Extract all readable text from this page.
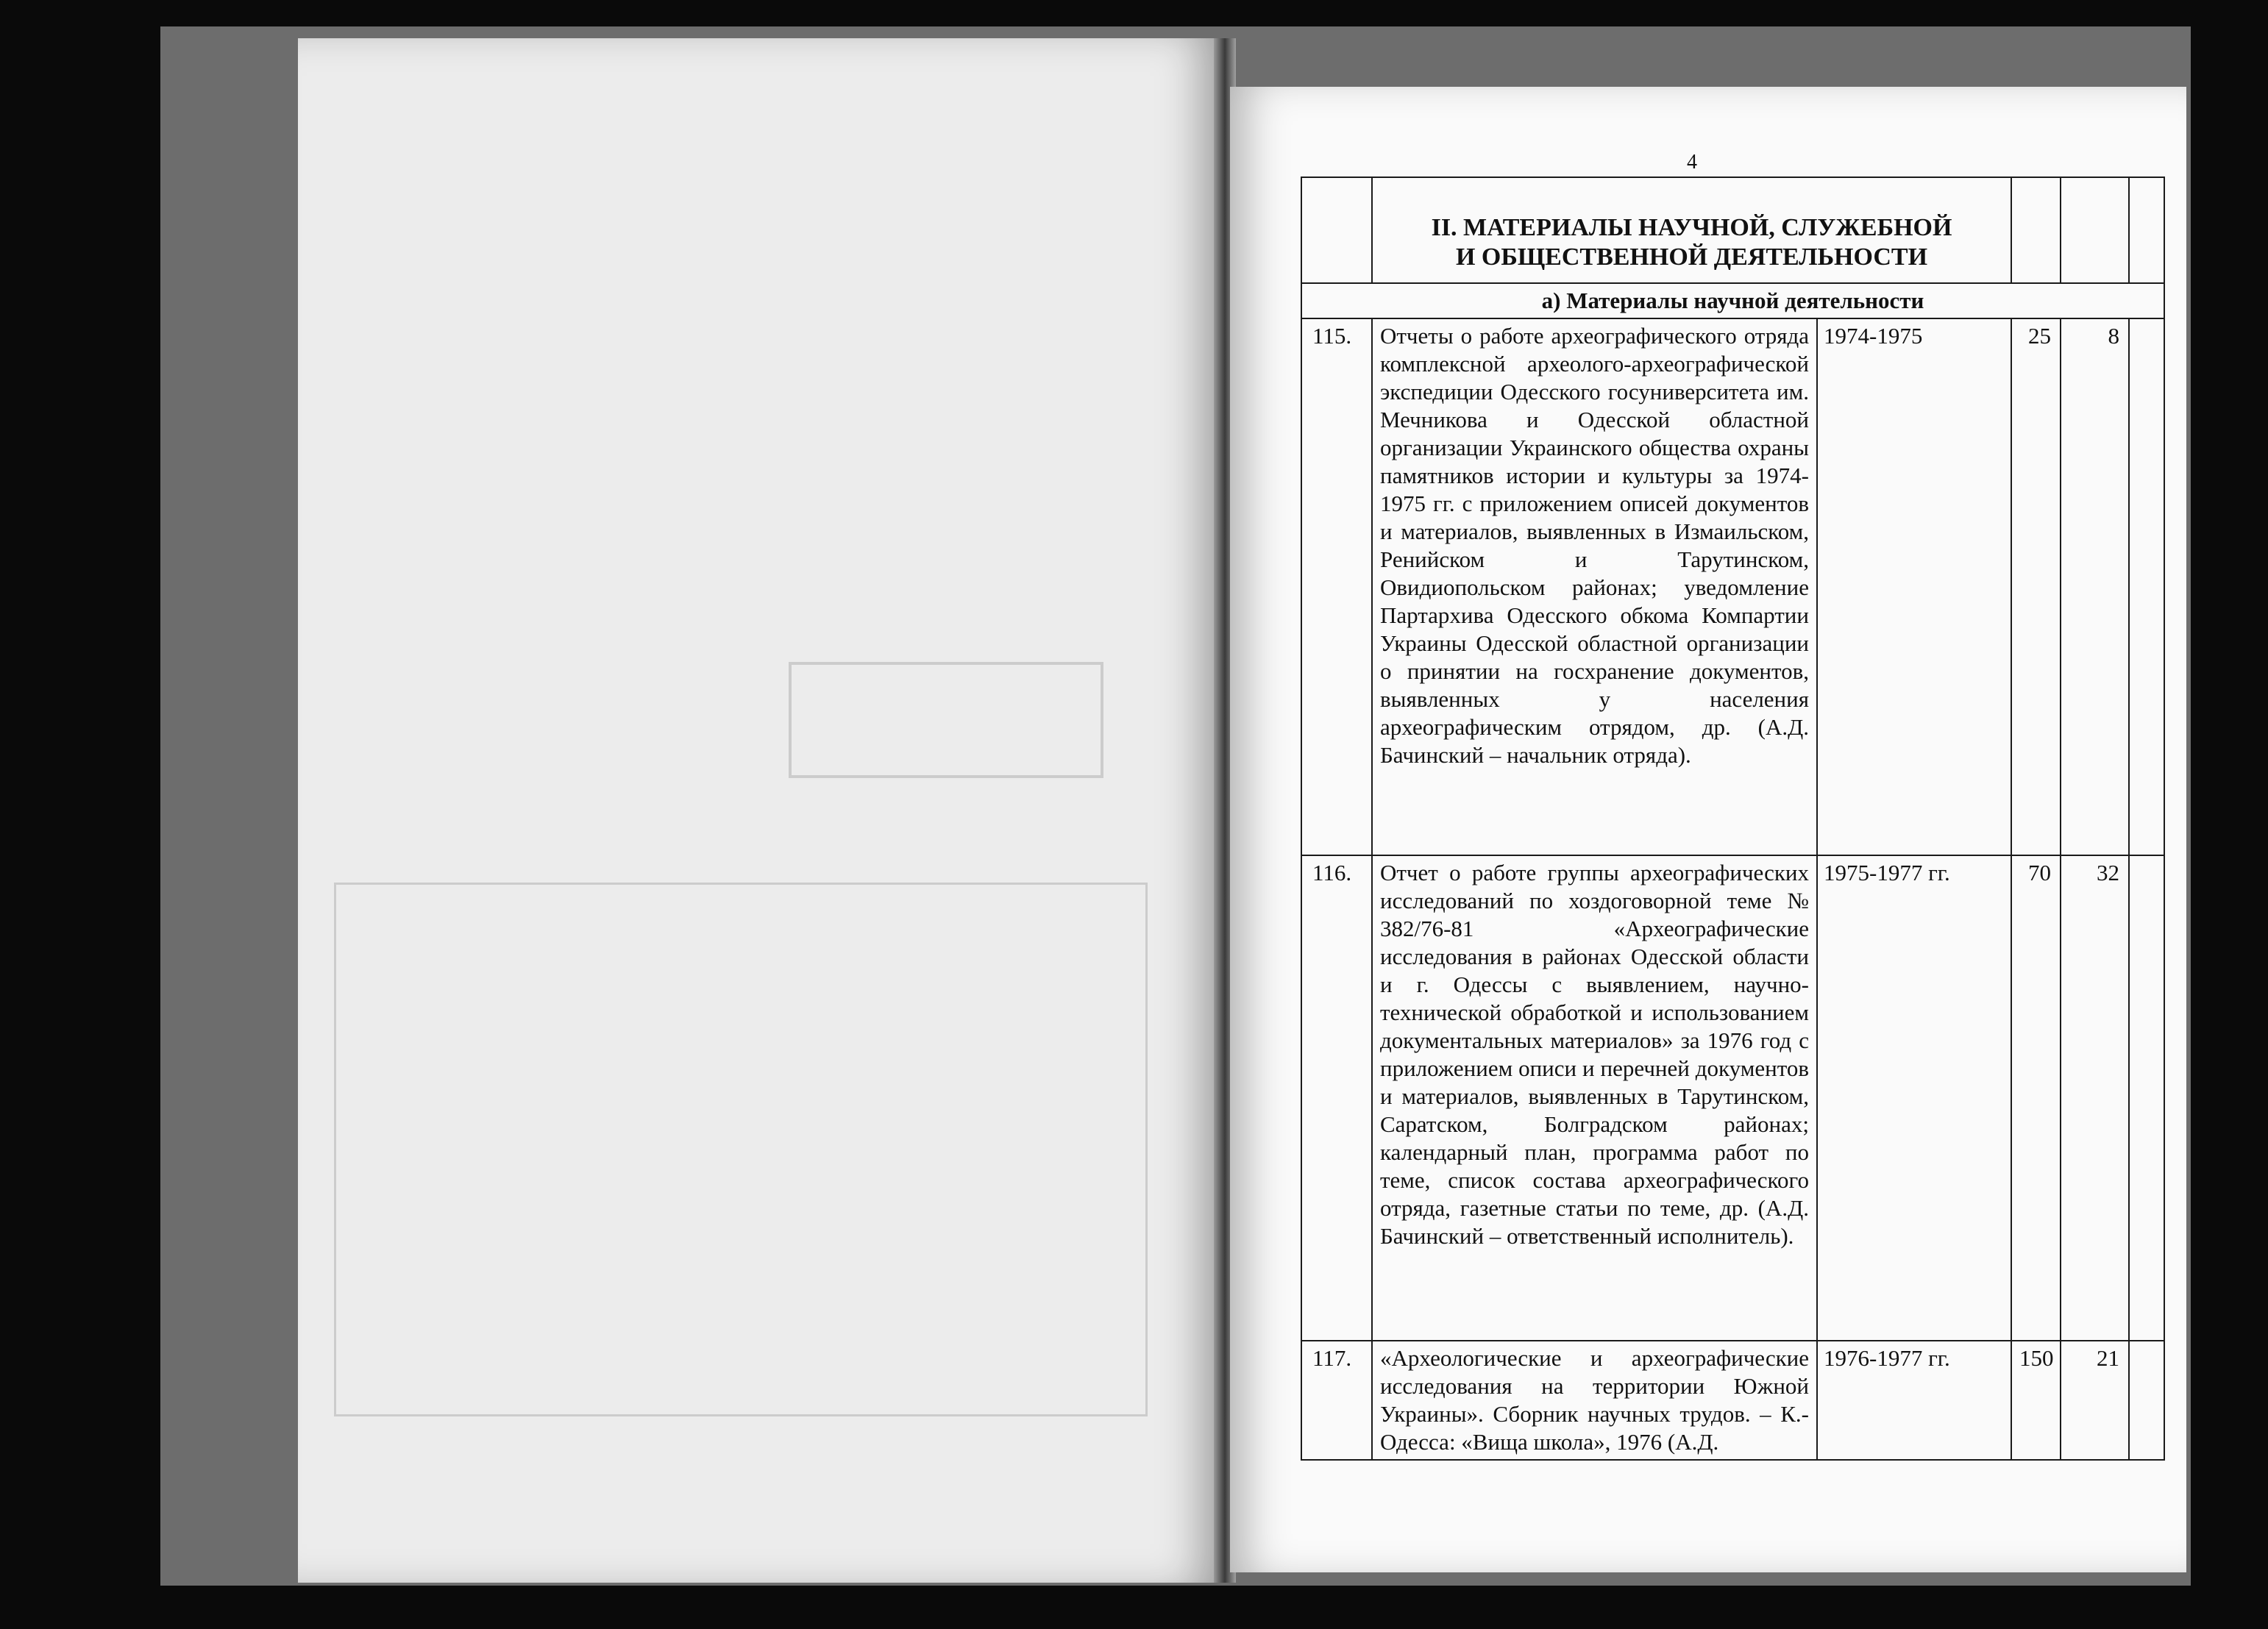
4
	II. МАТЕРИАЛЫ НАУЧНОЙ, СЛУЖЕБНОЙ
И ОБЩЕСТВЕННОЙ ДЕЯТЕЛЬНОСТИ				
а) Материалы научной деятельности					
115.	Отчеты о работе археографического отряда комплексной археолого-археографической экспедиции Одесского госуниверситета им. Мечникова и Одесской областной организации Украинского общества охраны памятников истории и культуры за 1974-1975 гг. с приложением описей документов и материалов, выявленных в Измаильском, Ренийском и Тарутинском, Овидиопольском районах; уведомление Партархива Одесского обкома Компартии Украины Одесской областной организации о принятии на госхранение документов, выявленных у населения археографическим отрядом, др. (А.Д. Бачинский – начальник отряда).	1974-1975	25	8	
116.	Отчет о работе группы археографических исследований по хоздоговорной теме № 382/76-81 «Археографические исследования в районах Одесской области и г. Одессы с выявлением, научно-технической обработкой и использованием документальных материалов» за 1976 год с приложением описи и перечней документов и материалов, выявленных в Тарутинском, Саратском, Болградском районах; календарный план, программа работ по теме, список состава археографического отряда, газетные статьи по теме, др. (А.Д. Бачинский – ответственный исполнитель).	1975-1977 гг.	70	32	
117.	«Археологические и археографические исследования на территории Южной Украины». Сборник научных трудов. – К.-Одесса: «Вища школа», 1976 (А.Д.	1976-1977 гг.	150	21	
